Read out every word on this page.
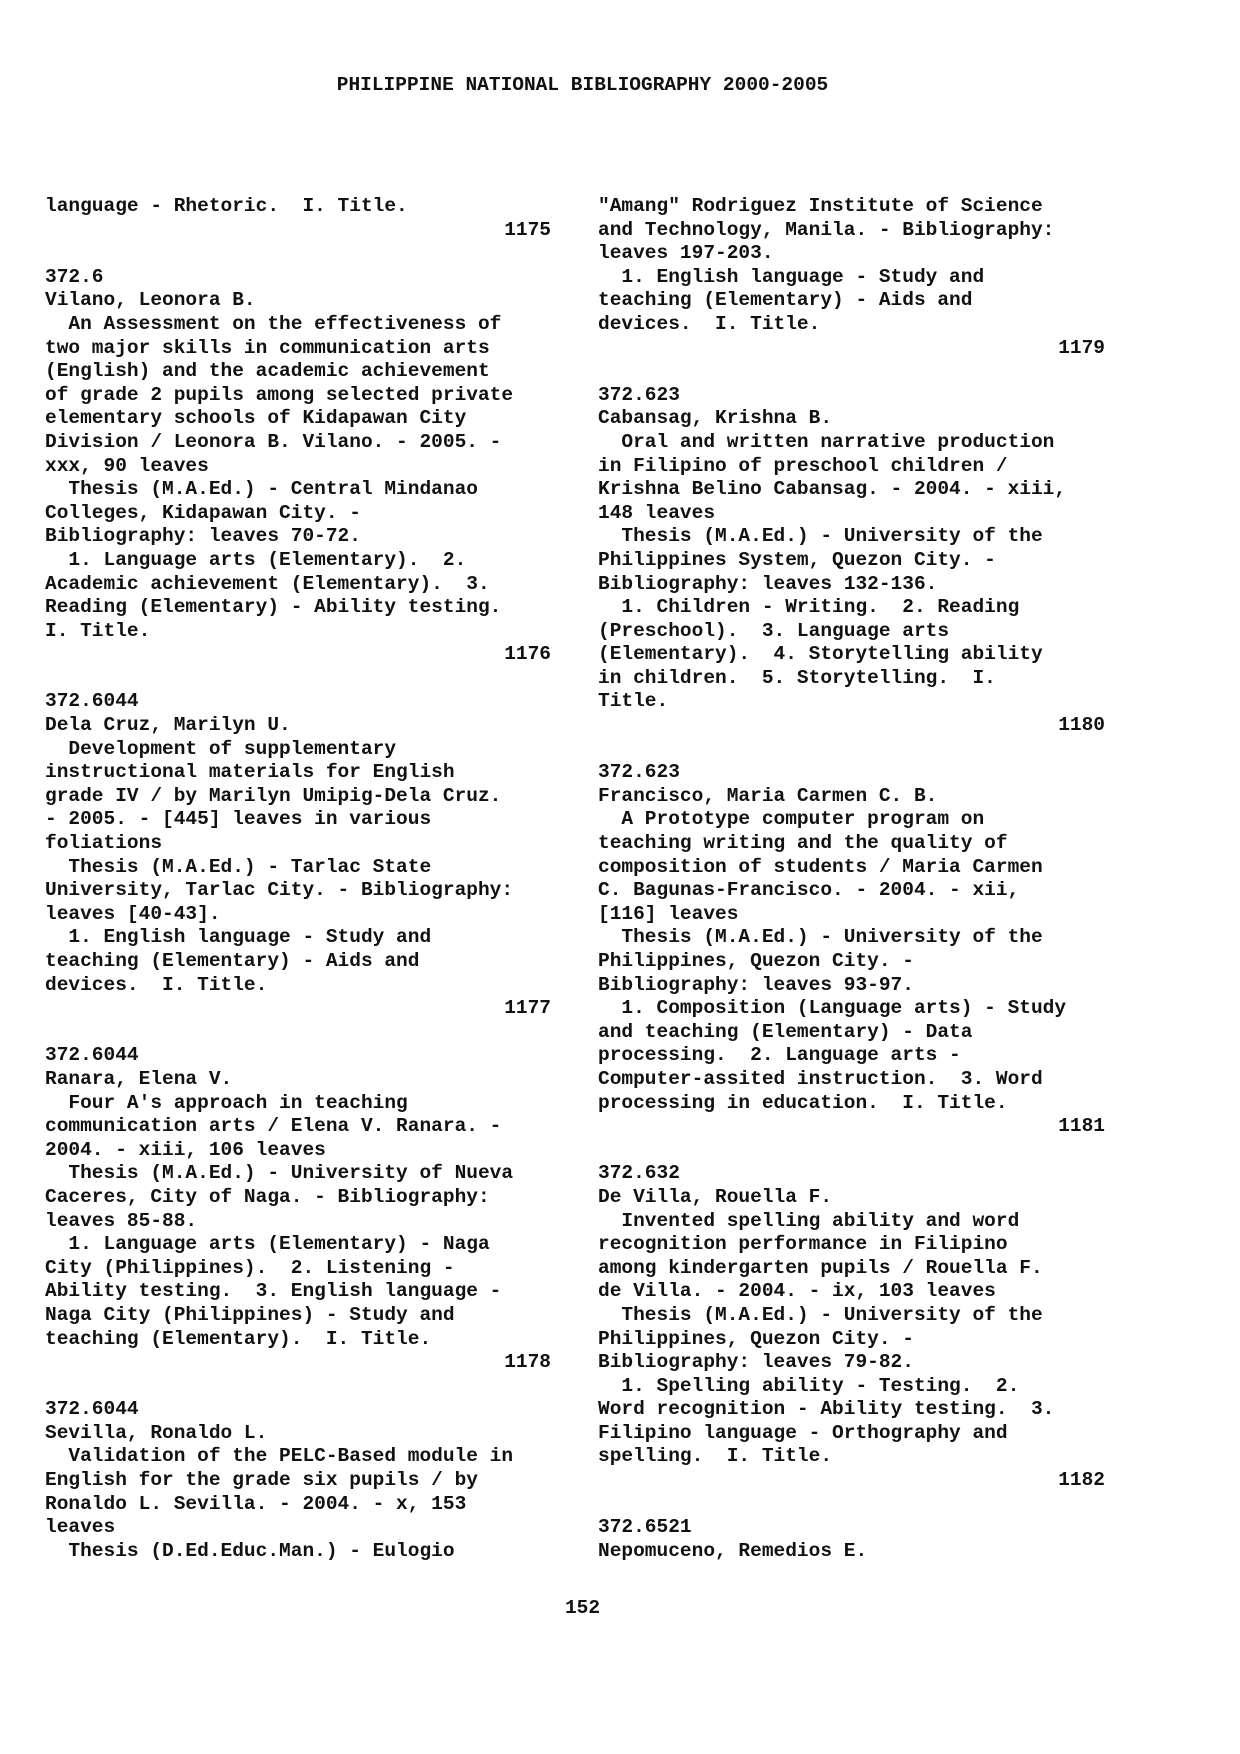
PHILIPPINE NATIONAL BIBLIOGRAPHY 2000-2005
language - Rhetoric.  I. Title.
1175
372.6
Vilano, Leonora B.
An Assessment on the effectiveness of
two major skills in communication arts
(English) and the academic achievement
of grade 2 pupils among selected private
elementary schools of Kidapawan City
Division / Leonora B. Vilano. - 2005. -
xxx, 90 leaves
Thesis (M.A.Ed.) - Central Mindanao
Colleges, Kidapawan City. -
Bibliography: leaves 70-72.
1. Language arts (Elementary).  2.
Academic achievement (Elementary).  3.
Reading (Elementary) - Ability testing.
I. Title.
1176
372.6044
Dela Cruz, Marilyn U.
Development of supplementary
instructional materials for English
grade IV / by Marilyn Umipig-Dela Cruz.
- 2005. - [445] leaves in various
foliations
Thesis (M.A.Ed.) - Tarlac State
University, Tarlac City. - Bibliography:
leaves [40-43].
1. English language - Study and
teaching (Elementary) - Aids and
devices.  I. Title.
1177
372.6044
Ranara, Elena V.
Four A's approach in teaching
communication arts / Elena V. Ranara. -
2004. - xiii, 106 leaves
Thesis (M.A.Ed.) - University of Nueva
Caceres, City of Naga. - Bibliography:
leaves 85-88.
1. Language arts (Elementary) - Naga
City (Philippines).  2. Listening -
Ability testing.  3. English language -
Naga City (Philippines) - Study and
teaching (Elementary).  I. Title.
1178
372.6044
Sevilla, Ronaldo L.
Validation of the PELC-Based module in
English for the grade six pupils / by
Ronaldo L. Sevilla. - 2004. - x, 153
leaves
Thesis (D.Ed.Educ.Man.) - Eulogio
"Amang" Rodriguez Institute of Science
and Technology, Manila. - Bibliography:
leaves 197-203.
1. English language - Study and
teaching (Elementary) - Aids and
devices.  I. Title.
1179
372.623
Cabansag, Krishna B.
Oral and written narrative production
in Filipino of preschool children /
Krishna Belino Cabansag. - 2004. - xiii,
148 leaves
Thesis (M.A.Ed.) - University of the
Philippines System, Quezon City. -
Bibliography: leaves 132-136.
1. Children - Writing.  2. Reading
(Preschool).  3. Language arts
(Elementary).  4. Storytelling ability
in children.  5. Storytelling.  I.
Title.
1180
372.623
Francisco, Maria Carmen C. B.
A Prototype computer program on
teaching writing and the quality of
composition of students / Maria Carmen
C. Bagunas-Francisco. - 2004. - xii,
[116] leaves
Thesis (M.A.Ed.) - University of the
Philippines, Quezon City. -
Bibliography: leaves 93-97.
1. Composition (Language arts) - Study
and teaching (Elementary) - Data
processing.  2. Language arts -
Computer-assited instruction.  3. Word
processing in education.  I. Title.
1181
372.632
De Villa, Rouella F.
Invented spelling ability and word
recognition performance in Filipino
among kindergarten pupils / Rouella F.
de Villa. - 2004. - ix, 103 leaves
Thesis (M.A.Ed.) - University of the
Philippines, Quezon City. -
Bibliography: leaves 79-82.
1. Spelling ability - Testing.  2.
Word recognition - Ability testing.  3.
Filipino language - Orthography and
spelling.  I. Title.
1182
372.6521
Nepomuceno, Remedios E.
152
